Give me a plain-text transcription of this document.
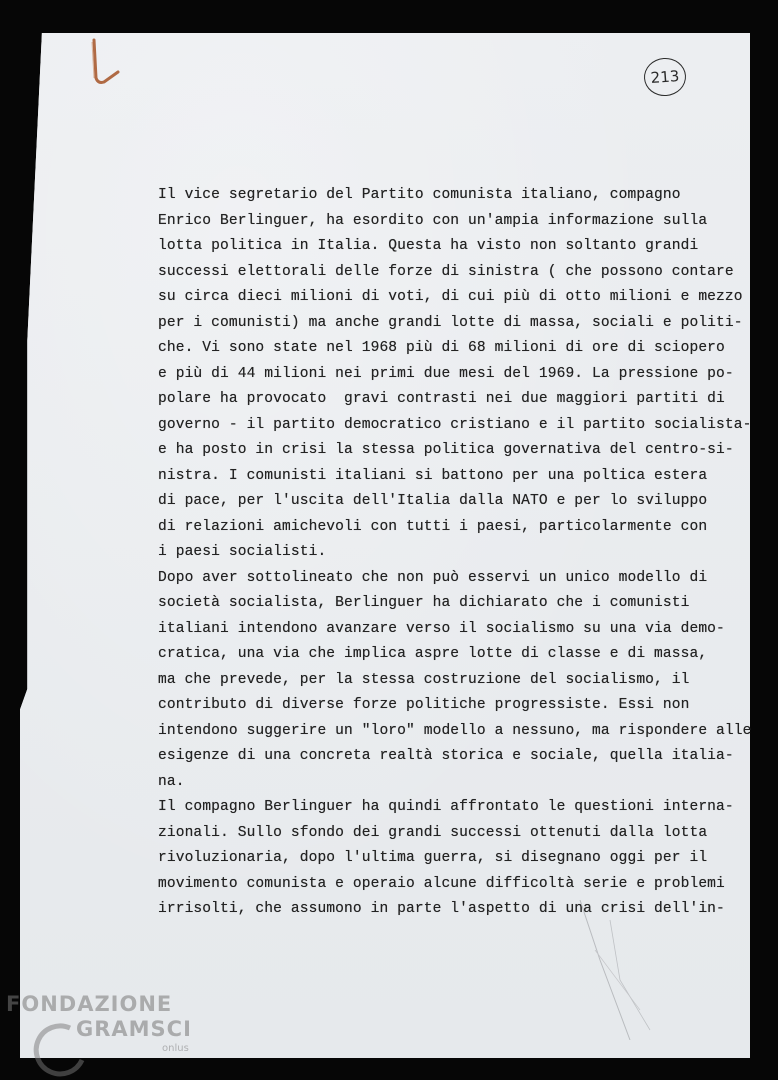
213
Il vice segretario del Partito comunista italiano, compagno
Enrico Berlinguer, ha esordito con un'ampia informazione sulla
lotta politica in Italia. Questa ha visto non soltanto grandi
successi elettorali delle forze di sinistra ( che possono contare
su circa dieci milioni di voti, di cui più di otto milioni e mezzo
per i comunisti) ma anche grandi lotte di massa, sociali e politi-
che. Vi sono state nel 1968 più di 68 milioni di ore di sciopero
e più di 44 milioni nei primi due mesi del 1969. La pressione po-
polare ha provocato  gravi contrasti nei due maggiori partiti di
governo - il partito democratico cristiano e il partito socialista-
e ha posto in crisi la stessa politica governativa del centro-si-
nistra. I comunisti italiani si battono per una poltica estera
di pace, per l'uscita dell'Italia dalla NATO e per lo sviluppo
di relazioni amichevoli con tutti i paesi, particolarmente con
i paesi socialisti.
Dopo aver sottolineato che non può esservi un unico modello di
società socialista, Berlinguer ha dichiarato che i comunisti
italiani intendono avanzare verso il socialismo su una via demo-
cratica, una via che implica aspre lotte di classe e di massa,
ma che prevede, per la stessa costruzione del socialismo, il
contributo di diverse forze politiche progressiste. Essi non
intendono suggerire un "loro" modello a nessuno, ma rispondere alle
esigenze di una concreta realtà storica e sociale, quella italia-
na.
Il compagno Berlinguer ha quindi affrontato le questioni interna-
zionali. Sullo sfondo dei grandi successi ottenuti dalla lotta
rivoluzionaria, dopo l'ultima guerra, si disegnano oggi per il
movimento comunista e operaio alcune difficoltà serie e problemi
irrisolti, che assumono in parte l'aspetto di una crisi dell'in-
FONDAZIONE
GRAMSCI
onlus
